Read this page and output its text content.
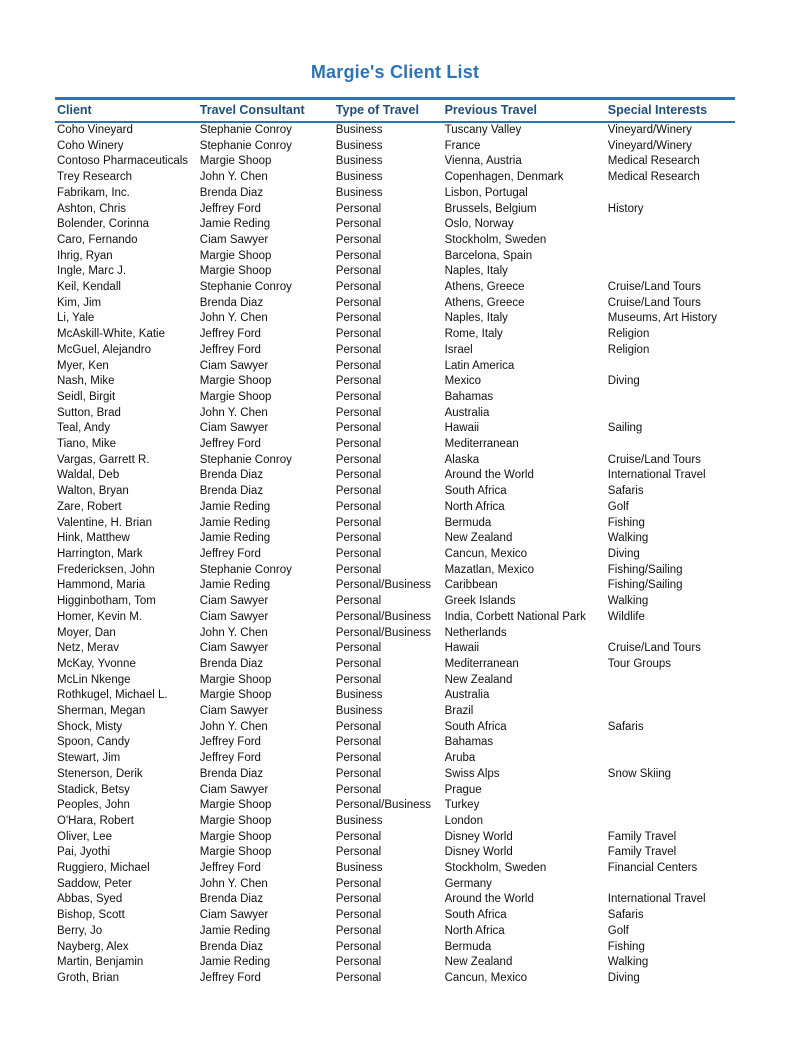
Margie's Client List
Client	Travel Consultant	Type of Travel	Previous Travel	Special Interests
Coho Vineyard	Stephanie Conroy	Business	Tuscany Valley	Vineyard/Winery
Coho Winery	Stephanie Conroy	Business	France	Vineyard/Winery
Contoso Pharmaceuticals	Margie Shoop	Business	Vienna, Austria	Medical Research
Trey Research	John Y. Chen	Business	Copenhagen, Denmark	Medical Research
Fabrikam, Inc.	Brenda Diaz	Business	Lisbon, Portugal	
Ashton, Chris	Jeffrey Ford	Personal	Brussels, Belgium	History
Bolender, Corinna	Jamie Reding	Personal	Oslo, Norway	
Caro, Fernando	Ciam Sawyer	Personal	Stockholm, Sweden	
Ihrig, Ryan	Margie Shoop	Personal	Barcelona, Spain	
Ingle, Marc J.	Margie Shoop	Personal	Naples, Italy	
Keil, Kendall	Stephanie Conroy	Personal	Athens, Greece	Cruise/Land Tours
Kim, Jim	Brenda Diaz	Personal	Athens, Greece	Cruise/Land Tours
Li, Yale	John Y. Chen	Personal	Naples, Italy	Museums, Art History
McAskill-White, Katie	Jeffrey Ford	Personal	Rome, Italy	Religion
McGuel, Alejandro	Jeffrey Ford	Personal	Israel	Religion
Myer, Ken	Ciam Sawyer	Personal	Latin America	
Nash, Mike	Margie Shoop	Personal	Mexico	Diving
Seidl, Birgit	Margie Shoop	Personal	Bahamas	
Sutton, Brad	John Y. Chen	Personal	Australia	
Teal, Andy	Ciam Sawyer	Personal	Hawaii	Sailing
Tiano, Mike	Jeffrey Ford	Personal	Mediterranean	
Vargas, Garrett R.	Stephanie Conroy	Personal	Alaska	Cruise/Land Tours
Waldal, Deb	Brenda Diaz	Personal	Around the World	International Travel
Walton, Bryan	Brenda Diaz	Personal	South Africa	Safaris
Zare, Robert	Jamie Reding	Personal	North Africa	Golf
Valentine, H. Brian	Jamie Reding	Personal	Bermuda	Fishing
Hink, Matthew	Jamie Reding	Personal	New Zealand	Walking
Harrington, Mark	Jeffrey Ford	Personal	Cancun, Mexico	Diving
Fredericksen, John	Stephanie Conroy	Personal	Mazatlan, Mexico	Fishing/Sailing
Hammond, Maria	Jamie Reding	Personal/Business	Caribbean	Fishing/Sailing
Higginbotham, Tom	Ciam Sawyer	Personal	Greek Islands	Walking
Homer, Kevin M.	Ciam Sawyer	Personal/Business	India, Corbett National Park	Wildlife
Moyer, Dan	John Y. Chen	Personal/Business	Netherlands	
Netz, Merav	Ciam Sawyer	Personal	Hawaii	Cruise/Land Tours
McKay, Yvonne	Brenda Diaz	Personal	Mediterranean	Tour Groups
McLin Nkenge	Margie Shoop	Personal	New Zealand	
Rothkugel, Michael L.	Margie Shoop	Business	Australia	
Sherman, Megan	Ciam Sawyer	Business	Brazil	
Shock, Misty	John Y. Chen	Personal	South Africa	Safaris
Spoon, Candy	Jeffrey Ford	Personal	Bahamas	
Stewart, Jim	Jeffrey Ford	Personal	Aruba	
Stenerson, Derik	Brenda Diaz	Personal	Swiss Alps	Snow Skiing
Stadick, Betsy	Ciam Sawyer	Personal	Prague	
Peoples, John	Margie Shoop	Personal/Business	Turkey	
O'Hara, Robert	Margie Shoop	Business	London	
Oliver, Lee	Margie Shoop	Personal	Disney World	Family Travel
Pai, Jyothi	Margie Shoop	Personal	Disney World	Family Travel
Ruggiero, Michael	Jeffrey Ford	Business	Stockholm, Sweden	Financial Centers
Saddow, Peter	John Y. Chen	Personal	Germany	
Abbas, Syed	Brenda Diaz	Personal	Around the World	International Travel
Bishop, Scott	Ciam Sawyer	Personal	South Africa	Safaris
Berry, Jo	Jamie Reding	Personal	North Africa	Golf
Nayberg, Alex	Brenda Diaz	Personal	Bermuda	Fishing
Martin, Benjamin	Jamie Reding	Personal	New Zealand	Walking
Groth, Brian	Jeffrey Ford	Personal	Cancun, Mexico	Diving
